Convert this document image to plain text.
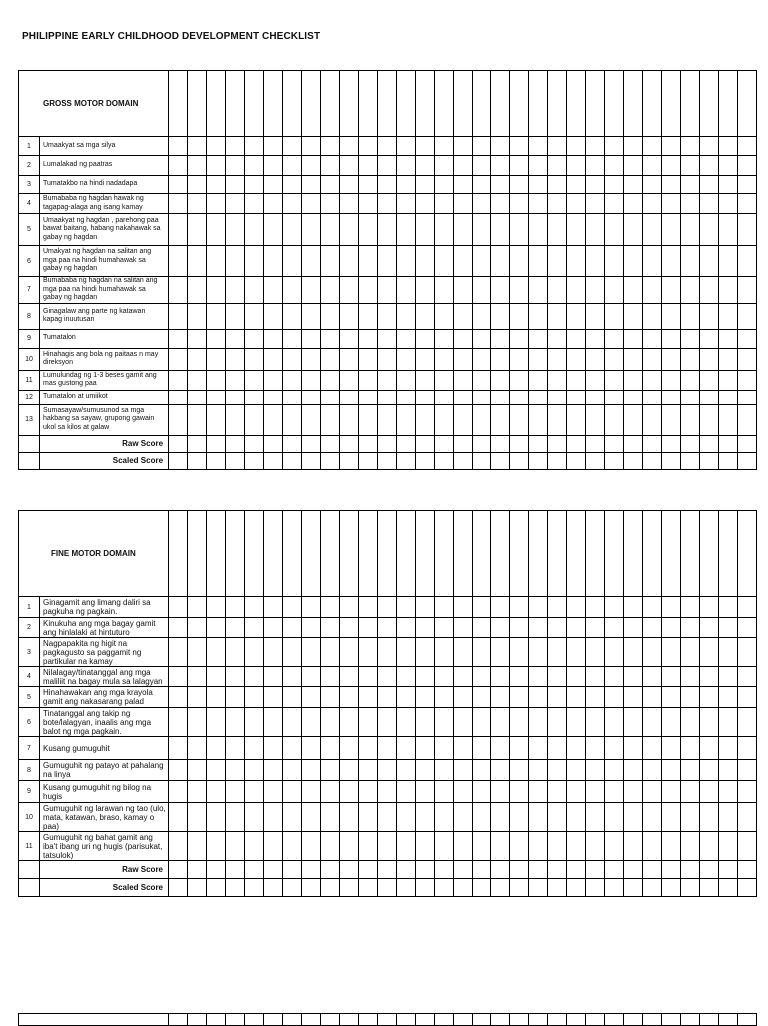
PHILIPPINE EARLY CHILDHOOD DEVELOPMENT CHECKLIST
GROSS MOTOR DOMAIN																																
1	Umaakyat sa mga silya																															
2	Lumalakad ng paatras																															
3	Tumatakbo na hindi nadadapa																															
4	Bumababa ng hagdan hawak ng tagapag-alaga ang isang kamay																															
5	Umaakyat ng hagdan , parehong paa bawat baitang, habang nakahawak sa gabay ng hagdan																															
6	Umakyat ng hagdan na salitan ang mga paa na hindi humahawak sa gabay ng hagdan																															
7	Bumababa ng hagdan na salitan ang mga paa na hindi humahawak sa gabay ng hagdan																															
8	Ginagalaw ang parte ng katawan kapag inuutusan																															
9	Tumatalon																															
10	Hinahagis ang bola ng paitaas n may direksyon																															
11	Lumulundag ng 1-3 beses gamit ang mas gustong paa																															
12	Tumatalon at umiikot																															
13	Sumasayaw/sumusunod sa mga hakbang sa sayaw, grupong gawain ukol sa kilos at galaw																															
	Raw Score																															
	Scaled Score																															
FINE MOTOR DOMAIN																																
1	Ginagamit ang limang daliri sa pagkuha ng pagkain.																															
2	Kinukuha ang mga bagay gamit ang hinlalaki at hintuturo																															
3	Nagpapakita ng higit na pagkagusto sa paggamit ng partikular na kamay																															
4	Nilalagay/tinatanggal ang mga maliliit na bagay mula sa lalagyan																															
5	Hinahawakan ang mga krayola gamit ang nakasarang palad																															
6	Tinatanggal ang takip ng bote/lalagyan, inaalis ang mga balot ng mga pagkain.																															
7	Kusang gumuguhit																															
8	Gumuguhit ng patayo at pahalang na linya																															
9	Kusang gumuguhit ng bilog na hugis																															
10	Gumuguhit ng larawan ng tao (ulo, mata, katawan, braso, kamay o paa)																															
11	Gumuguhit ng bahat gamit ang iba't ibang uri ng hugis (parisukat, tatsulok)																															
	Raw Score																															
	Scaled Score																															
